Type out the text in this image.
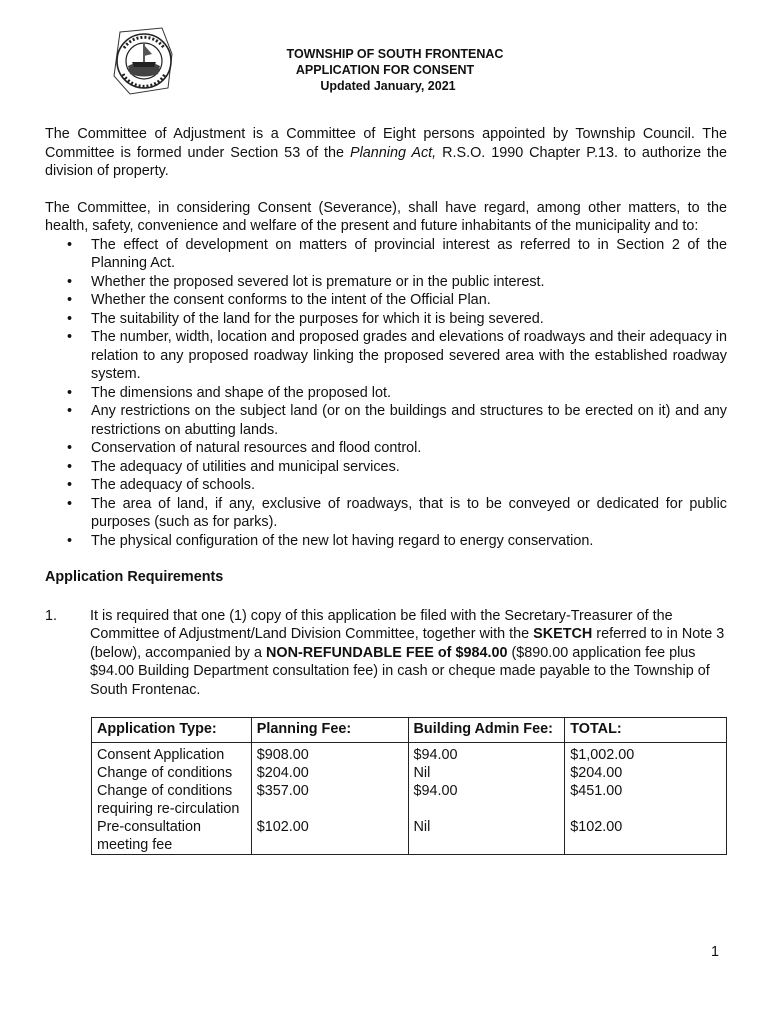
TOWNSHIP OF SOUTH FRONTENAC
APPLICATION FOR CONSENT
Updated January, 2021

The Committee of Adjustment is a Committee of Eight persons appointed by Township Council. The Committee is formed under Section 53 of the Planning Act, R.S.O. 1990 Chapter P.13. to authorize the division of property.

The Committee, in considering Consent (Severance), shall have regard, among other matters, to the health, safety, convenience and welfare of the present and future inhabitants of the municipality and to:

• The effect of development on matters of provincial interest as referred to in Section 2 of the Planning Act.
• Whether the proposed severed lot is premature or in the public interest.
• Whether the consent conforms to the intent of the Official Plan.
• The suitability of the land for the purposes for which it is being severed.
• The number, width, location and proposed grades and elevations of roadways and their adequacy in relation to any proposed roadway linking the proposed severed area with the established roadway system.
• The dimensions and shape of the proposed lot.
• Any restrictions on the subject land (or on the buildings and structures to be erected on it) and any restrictions on abutting lands.
• Conservation of natural resources and flood control.
• The adequacy of utilities and municipal services.
• The adequacy of schools.
• The area of land, if any, exclusive of roadways, that is to be conveyed or dedicated for public purposes (such as for parks).
• The physical configuration of the new lot having regard to energy conservation.
Application Requirements
1. It is required that one (1) copy of this application be filed with the Secretary-Treasurer of the Committee of Adjustment/Land Division Committee, together with the SKETCH referred to in Note 3 (below), accompanied by a NON-REFUNDABLE FEE of $984.00 ($890.00 application fee plus $94.00 Building Department consultation fee) in cash or cheque made payable to the Township of South Frontenac.
Application Type:	Planning Fee:	Building Admin Fee:	TOTAL:
Consent Application	$908.00	$94.00	$1,002.00
Change of conditions	$204.00	Nil	$204.00
Change of conditions requiring re-circulation	$357.00	$94.00	$451.00
Pre-consultation meeting fee	$102.00	Nil	$102.00
1
